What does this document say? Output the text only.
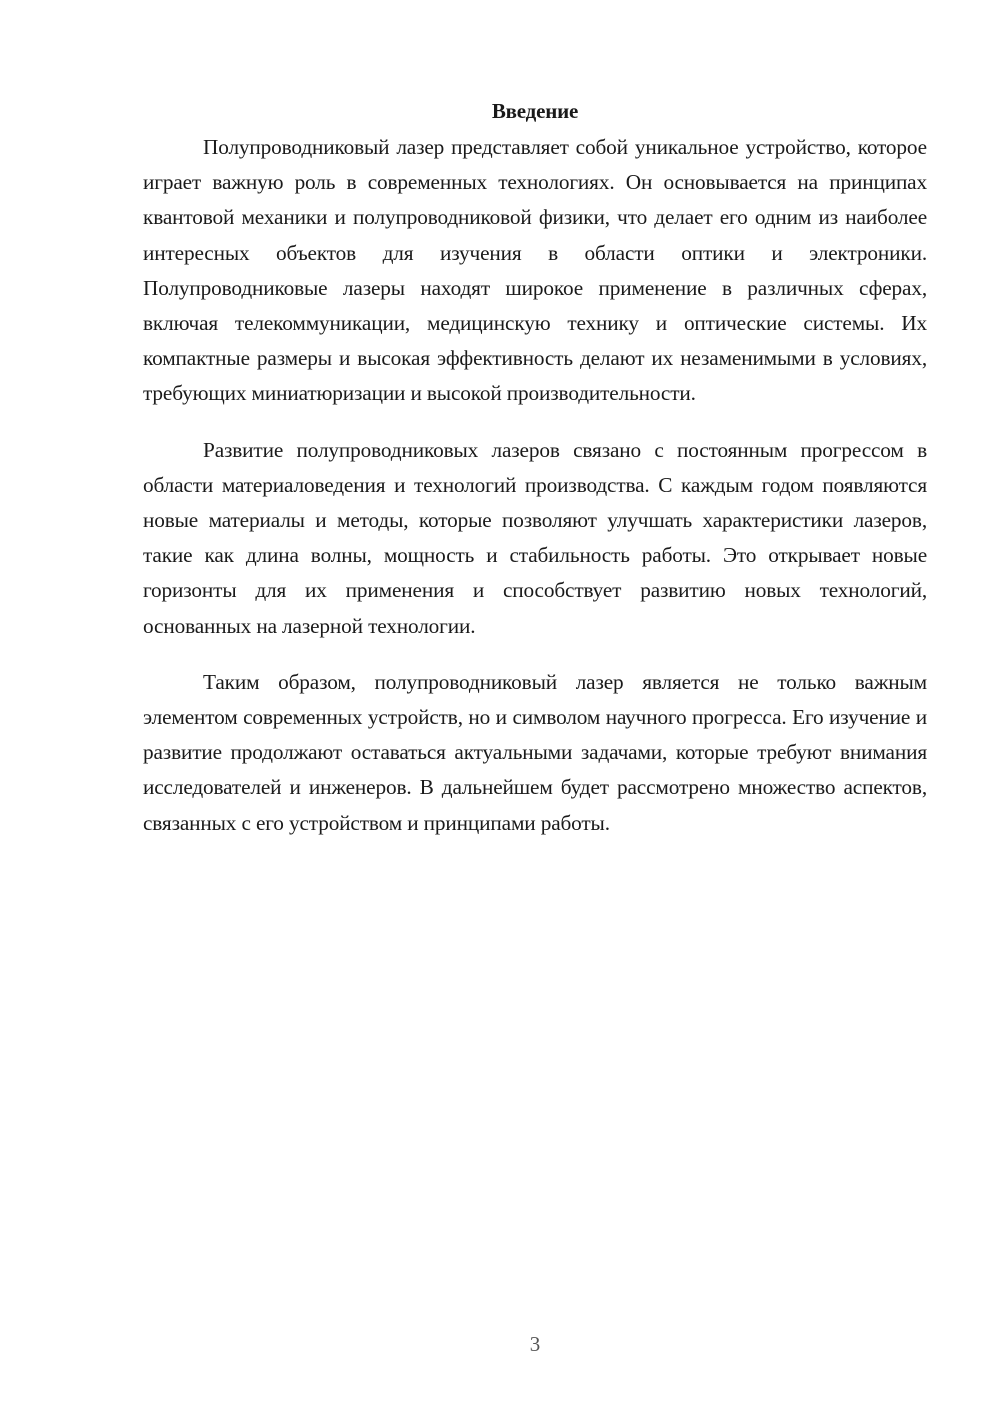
Введение

Полупроводниковый лазер представляет собой уникальное устройство, которое играет важную роль в современных технологиях. Он основывается на принципах квантовой механики и полупроводниковой физики, что делает его одним из наиболее интересных объектов для изучения в области оптики и электроники. Полупроводниковые лазеры находят широкое применение в различных сферах, включая телекоммуникации, медицинскую технику и оптические системы. Их компактные размеры и высокая эффективность делают их незаменимыми в условиях, требующих миниатюризации и высокой производительности.

Развитие полупроводниковых лазеров связано с постоянным прогрессом в области материаловедения и технологий производства. С каждым годом появляются новые материалы и методы, которые позволяют улучшать характеристики лазеров, такие как длина волны, мощность и стабильность работы. Это открывает новые горизонты для их применения и способствует развитию новых технологий, основанных на лазерной технологии.

Таким образом, полупроводниковый лазер является не только важным элементом современных устройств, но и символом научного прогресса. Его изучение и развитие продолжают оставаться актуальными задачами, которые требуют внимания исследователей и инженеров. В дальнейшем будет рассмотрено множество аспектов, связанных с его устройством и принципами работы.

3
